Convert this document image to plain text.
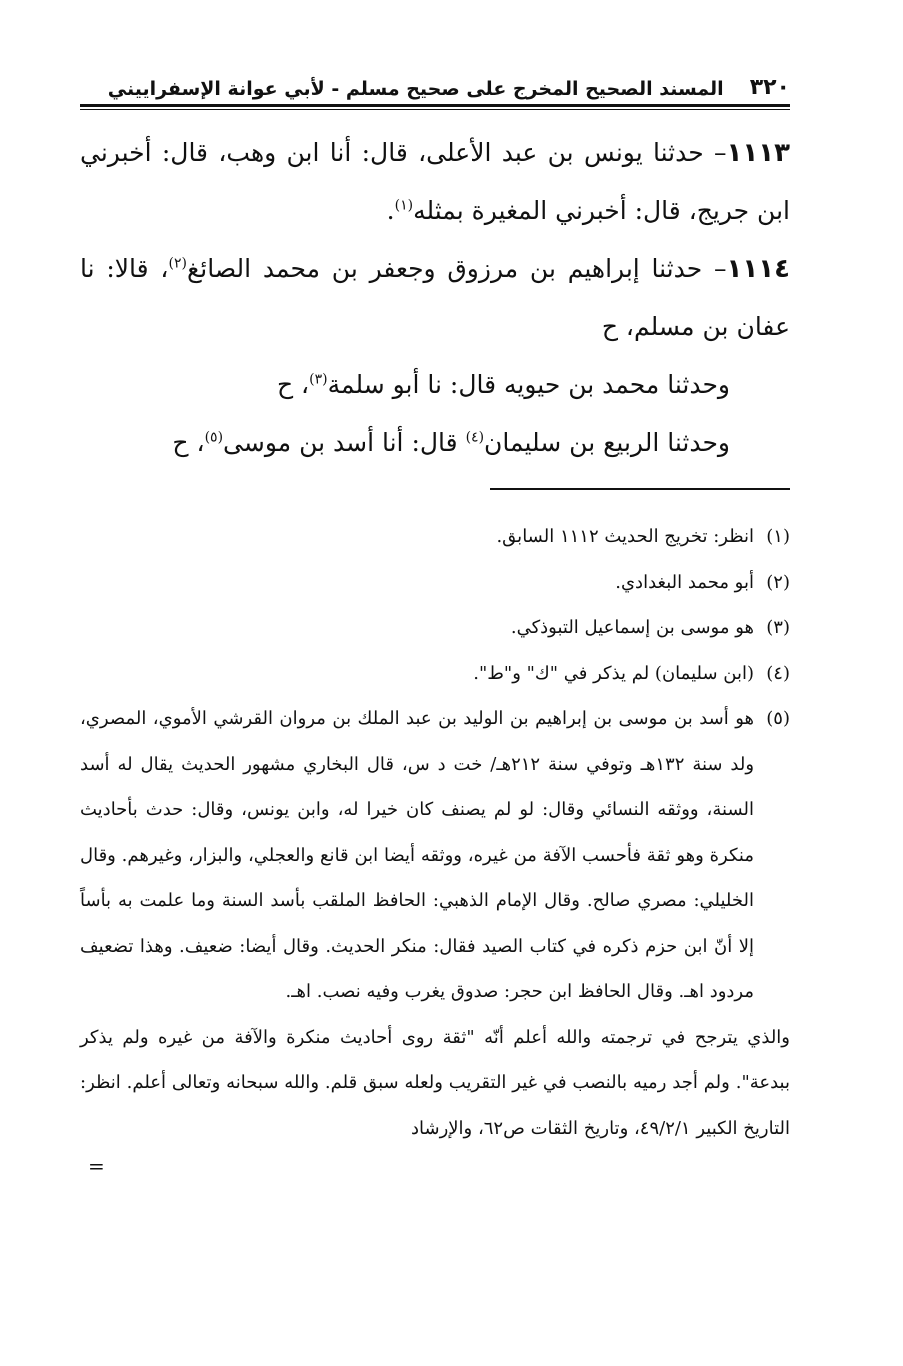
٣٢٠
المسند الصحيح المخرج على صحيح مسلم - لأبي عوانة الإسفراييني

١١١٣– حدثنا يونس بن عبد الأعلى، قال: أنا ابن وهب، قال: أخبرني ابن جريج، قال: أخبرني المغيرة بمثله$^{(١)}$.

١١١٤– حدثنا إبراهيم بن مرزوق وجعفر بن محمد الصائغ$^{(٢)}$، قالا: نا عفان بن مسلم، ح

وحدثنا محمد بن حيويه قال: نا أبو سلمة$^{(٣)}$، ح

وحدثنا الربيع بن سليمان$^{(٤)}$ قال: أنا أسد بن موسى$^{(٥)}$، ح

(١)
انظر: تخريج الحديث ١١١٢ السابق.
(٢)
أبو محمد البغدادي.
(٣)
هو موسى بن إسماعيل التبوذكي.
(٤)
(ابن سليمان) لم يذكر في "ك" و"ط".
(٥)
هو أسد بن موسى بن إبراهيم بن الوليد بن عبد الملك بن مروان القرشي الأموي، المصري، ولد سنة ١٣٢هـ وتوفي سنة ٢١٢هـ/ خت د س، قال البخاري مشهور الحديث يقال له أسد السنة، ووثقه النسائي وقال: لو لم يصنف كان خيرا له، وابن يونس، وقال: حدث بأحاديث منكرة وهو ثقة فأحسب الآفة من غيره، ووثقه أيضا ابن قانع والعجلي، والبزار، وغيرهم. وقال الخليلي: مصري صالح. وقال الإمام الذهبي: الحافظ الملقب بأسد السنة وما علمت به بأساً إلا أنّ ابن حزم ذكره في كتاب الصيد فقال: منكر الحديث. وقال أيضا: ضعيف. وهذا تضعيف مردود اهـ. وقال الحافظ ابن حجر: صدوق يغرب وفيه نصب. اهـ.
والذي يترجح في ترجمته والله أعلم أنّه "ثقة روى أحاديث منكرة والآفة من غيره ولم يذكر ببدعة". ولم أجد رميه بالنصب في غير التقريب ولعله سبق قلم. والله سبحانه وتعالى أعلم. انظر: التاريخ الكبير ٤٩/٢/١، وتاريخ الثقات ص٦٢، والإرشاد
=
